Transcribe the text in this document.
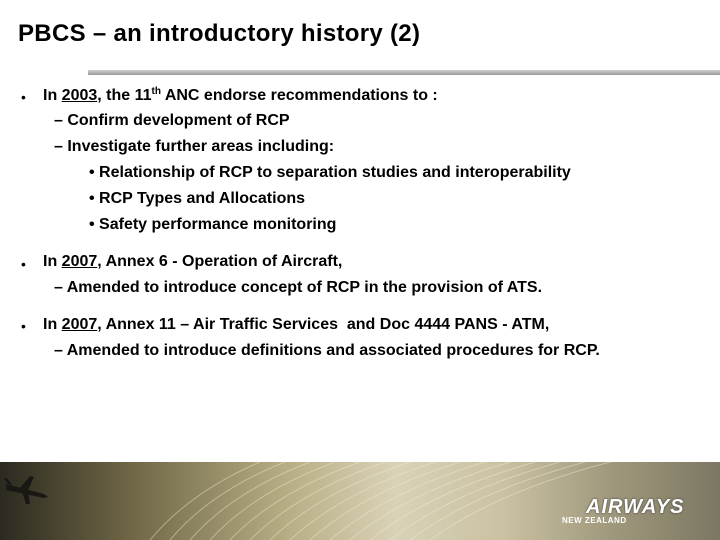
PBCS – an introductory history (2)
• In 2003, the 11th ANC endorse recommendations to :
– Confirm development of RCP
– Investigate further areas including:
• Relationship of RCP to separation studies and interoperability
• RCP Types and Allocations
• Safety performance monitoring
• In 2007, Annex 6 - Operation of Aircraft,
– Amended to introduce concept of RCP in the provision of ATS.
• In 2007, Annex 11 – Air Traffic Services  and Doc 4444 PANS - ATM,
– Amended to introduce definitions and associated procedures for RCP.
AIRWAYS
NEW ZEALAND
